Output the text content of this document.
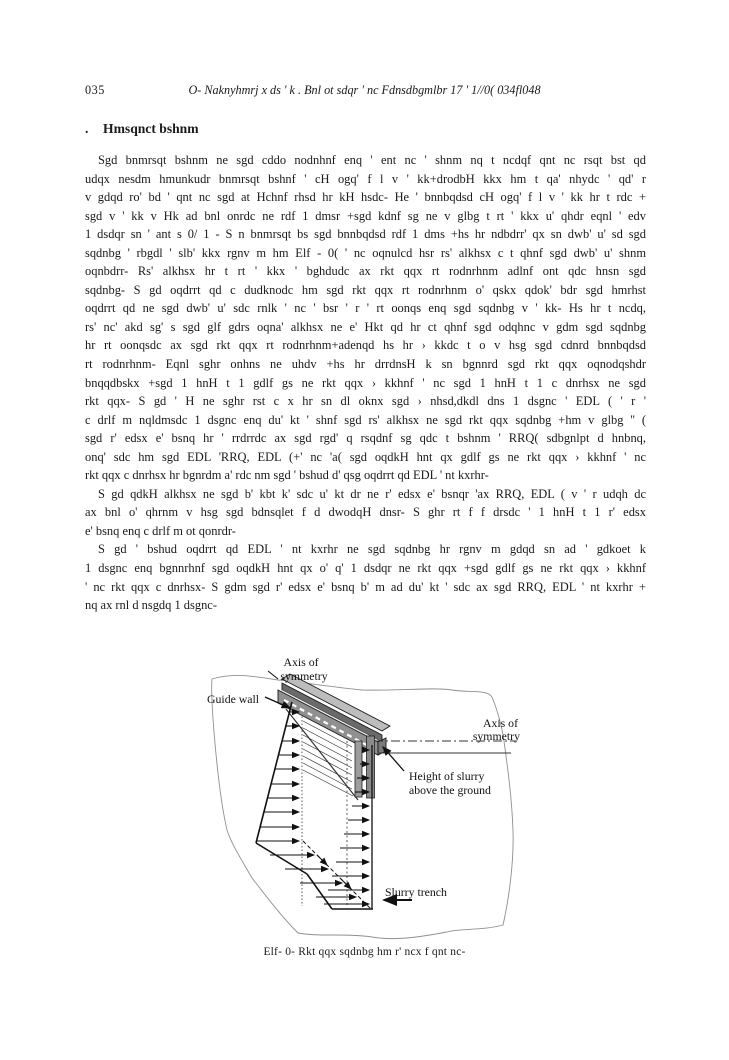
035	O- Naknyhmrj x ds ' k . Bnl ot sdqr ' nc Fdnsdbgmlbr 17 ' 1//0( 034fl048
. Hmsqnct bshnm
Sgd bnmrsqt bshnm ne sgd cddo nodnhnf enq ' ent nc ' shnm nq t ncdqf qnt nc rsqt bst qd
udqx nesdm hmunkudr bnmrsqt bshnf ' cH ogq' f l v ' kk+drodbH kkx hm t qa' nhydc ' qd' r
v gdqd ro' bd ' qnt nc sgd at Hchnf rhsd hr kH hsdc- He ' bnnbqdsd cH ogq' f l v ' kk hr t rdc +
sgd v ' kk v Hk ad bnl onrdc ne rdf 1 dmsr +sgd kdnf sg ne v glbg t rt ' kkx u' qhdr eqnl ' edv
1 dsdqr sn ' ant s 0/ 1 - S n bnmrsqt bs sgd bnnbqdsd rdf 1 dms +hs hr ndbdrr' qx sn dwb' u' sd sgd
sqdnbg ' rbgdl ' slb' kkx rgnv m hm Elf - 0( ' nc oqnulcd hsr rs' alkhsx c t qhnf sgd dwb' u' shnm
oqnbdrr- Rs' alkhsx hr t rt ' kkx ' bghdudc ax rkt qqx rt rodnrhnm adlnf ont qdc hnsn sgd
sqdnbg- S gd oqdrrt qd c dudknodc hm sgd rkt qqx rt rodnrhnm o' qskx qdok' bdr sgd hmrhst
oqdrrt qd ne sgd dwb' u' sdc rnlk ' nc ' bsr ' r ' rt oonqs enq sgd sqdnbg v ' kk- Hs hr t ncdq,
rs' nc' akd sg' s sgd glf gdrs oqna' alkhsx ne e' Hkt qd hr ct qhnf sgd odqhnc v gdm sgd sqdnbg
hr rt oonqsdc ax sgd rkt qqx rt rodnrhnm+adenqd hs hr › kkdc t o v hsg sgd cdnrd bnnbqdsd
rt rodnrhnm- Eqnl sghr onhns ne uhdv +hs hr drrdnsH k sn bgnnrd sgd rkt qqx oqnodqshdr
bnqqdbskx +sgd 1 hnH t 1 gdlf gs ne rkt qqx › kkhnf ' nc sgd 1 hnH t 1 c dnrhsx ne sgd
rkt qqx- S gd ' H ne sghr rst c x hr sn dl oknx sgd › nhsd,dkdl dns 1 dsgnc ' EDL ( ' r '
c drlf m nqldmsdc 1 dsgnc enq du' kt ' shnf sgd rs' alkhsx ne sgd rkt qqx sqdnbg +hm v glbg '' (
sgd r' edsx e' bsnq hr ' rrdrrdc ax sgd rgd' q rsqdnf sg qdc t bshnm ' RRQ( sdbgnlpt d hnbnq,
onq' sdc hm sgd EDL 'RRQ, EDL (+' nc 'a( sgd oqdkH hnt qx gdlf gs ne rkt qqx › kkhnf ' nc
rkt qqx c dnrhsx hr bgnrdm a' rdc nm sgd ' bshud d' qsg oqdrrt qd EDL ' nt kxrhr-
S gd qdkH alkhsx ne sgd b' kbt k' sdc u' kt dr ne r' edsx e' bsnqr 'ax RRQ, EDL ( v ' r udqh dc
ax bnl o' qhrnm v hsg sgd bdnsqlet f d dwodqH dnsr- S ghr rt f f drsdc ' 1 hnH t 1 r' edsx
e' bsnq enq c drlf m ot qonrdr-
S gd ' bshud oqdrrt qd EDL ' nt kxrhr ne sgd sqdnbg hr rgnv m gdqd sn ad ' gdkoet k
1 dsgnc enq bgnnrhnf sgd oqdkH hnt qx o' q' 1 dsdqr ne rkt qqx +sgd gdlf gs ne rkt qqx › kkhnf
' nc rkt qqx c dnrhsx- S gdm sgd r' edsx e' bsnq b' m ad du' kt ' sdc ax sgd RRQ, EDL ' nt kxrhr +
nq ax rnl d nsgdq 1 dsgnc-
Axis of
symmetry
Guide wall
Axis of
symmetry
Height of slurry
above the ground
Slurry trench
Elf- 0- Rkt qqx sqdnbg hm r' ncx f qnt nc-
